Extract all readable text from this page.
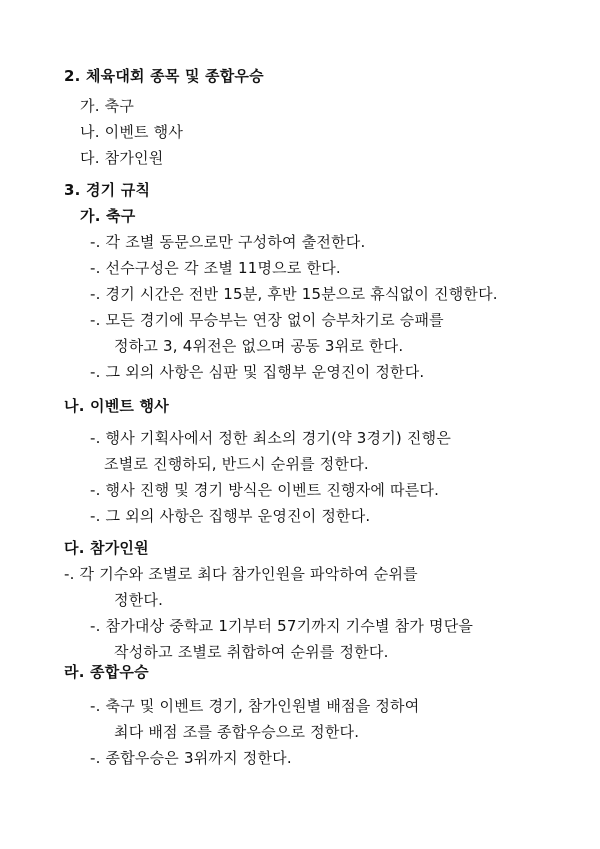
2. 체육대회 종목 및 종합우승
가. 축구
나. 이벤트 행사
다. 참가인원
3. 경기 규칙
가. 축구
-. 각 조별 동문으로만 구성하여 출전한다.
-. 선수구성은 각 조별 11명으로 한다.
-. 경기 시간은 전반 15분, 후반 15분으로 휴식없이 진행한다.
-. 모든 경기에 무승부는 연장 없이 승부차기로 승패를
정하고 3, 4위전은 없으며 공동 3위로 한다.
-. 그 외의 사항은 심판 및 집행부 운영진이 정한다.
나. 이벤트 행사
-. 행사 기획사에서 정한 최소의 경기(약 3경기) 진행은
조별로 진행하되, 반드시 순위를 정한다.
-. 행사 진행 및 경기 방식은 이벤트 진행자에 따른다.
-. 그 외의 사항은 집행부 운영진이 정한다.
다. 참가인원
-. 각 기수와 조별로 최다 참가인원을 파악하여 순위를
정한다.
-. 참가대상 중학교 1기부터 57기까지 기수별 참가 명단을
작성하고 조별로 취합하여 순위를 정한다.
라. 종합우승
-. 축구 및 이벤트 경기, 참가인원별 배점을 정하여
최다 배점 조를 종합우승으로 정한다.
-. 종합우승은 3위까지 정한다.
